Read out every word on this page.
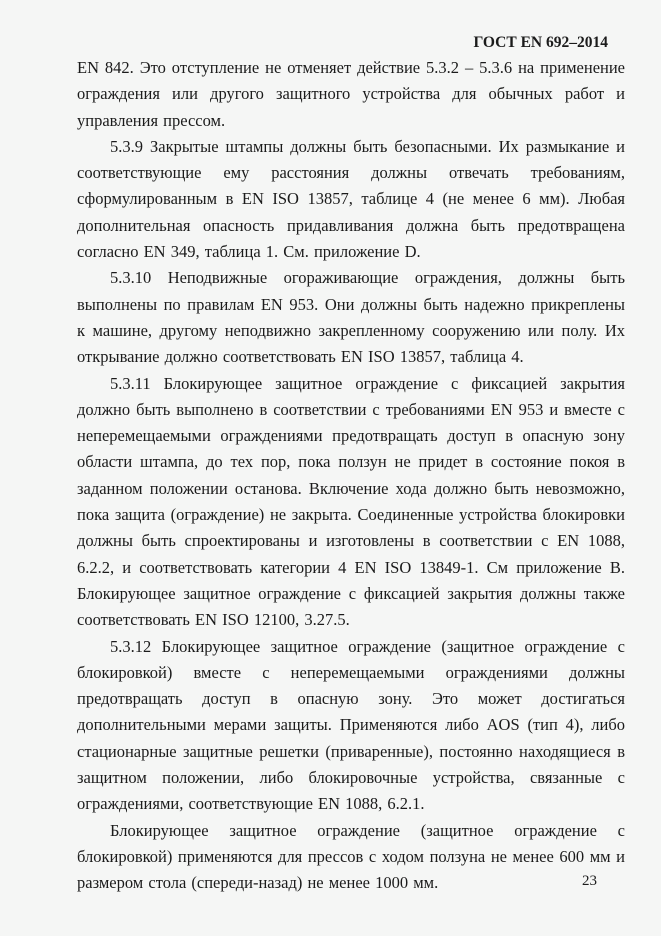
ГОСТ EN 692–2014

EN 842. Это отступление не отменяет действие 5.3.2 – 5.3.6 на применение ограждения или другого защитного устройства для обычных работ и управления прессом.

5.3.9 Закрытые штампы должны быть безопасными. Их размыкание и соответствующие ему расстояния должны отвечать требованиям, сформулированным в EN ISO 13857, таблице 4 (не менее 6 мм). Любая дополнительная опасность придавливания должна быть предотвращена согласно EN 349, таблица 1. См. приложение D.

5.3.10 Неподвижные огораживающие ограждения, должны быть выполнены по правилам EN 953. Они должны быть надежно прикреплены к машине, другому неподвижно закрепленному сооружению или полу. Их открывание должно соответствовать EN ISO 13857, таблица 4.

5.3.11 Блокирующее защитное ограждение с фиксацией закрытия должно быть выполнено в соответствии с требованиями EN 953 и вместе с неперемещаемыми ограждениями предотвращать доступ в опасную зону области штампа, до тех пор, пока ползун не придет в состояние покоя в заданном положении останова. Включение хода должно быть невозможно, пока защита (ограждение) не закрыта. Соединенные устройства блокировки должны быть спроектированы и изготовлены в соответствии с EN 1088, 6.2.2, и соответствовать категории 4 EN ISO 13849-1. См приложение B. Блокирующее защитное ограждение с фиксацией закрытия должны также соответствовать EN ISO 12100, 3.27.5.

5.3.12 Блокирующее защитное ограждение (защитное ограждение с блокировкой) вместе с неперемещаемыми ограждениями должны предотвращать доступ в опасную зону. Это может достигаться дополнительными мерами защиты. Применяются либо AOS (тип 4), либо стационарные защитные решетки (приваренные), постоянно находящиеся в защитном положении, либо блокировочные устройства, связанные с ограждениями, соответствующие EN 1088, 6.2.1.

Блокирующее защитное ограждение (защитное ограждение с блокировкой) применяются для прессов с ходом ползуна не менее 600 мм и размером стола (спереди-назад) не менее 1000 мм.	23
